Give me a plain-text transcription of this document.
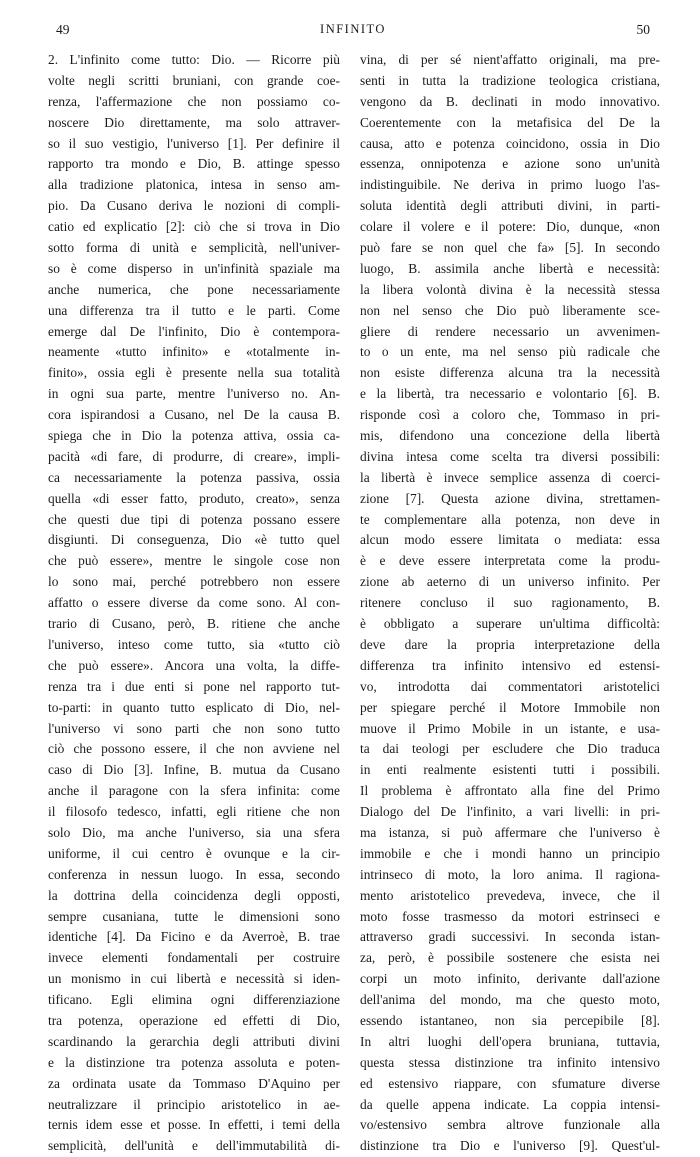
49	INFINITO	50
2. L'infinito come tutto: Dio. — Ricorre più
volte negli scritti bruniani, con grande coe-
renza, l'affermazione che non possiamo co-
noscere Dio direttamente, ma solo attraver-
so il suo vestigio, l'universo [1]. Per definire il
rapporto tra mondo e Dio, B. attinge spesso
alla tradizione platonica, intesa in senso am-
pio. Da Cusano deriva le nozioni di compli-
catio ed explicatio [2]: ciò che si trova in Dio
sotto forma di unità e semplicità, nell'univer-
so è come disperso in un'infinità spaziale ma
anche numerica, che pone necessariamente
una differenza tra il tutto e le parti. Come
emerge dal De l'infinito, Dio è contempora-
neamente «tutto infinito» e «totalmente in-
finito», ossia egli è presente nella sua totalità
in ogni sua parte, mentre l'universo no. An-
cora ispirandosi a Cusano, nel De la causa B.
spiega che in Dio la potenza attiva, ossia ca-
pacità «di fare, di produrre, di creare», impli-
ca necessariamente la potenza passiva, ossia
quella «di esser fatto, produto, creato», senza
che questi due tipi di potenza possano essere
disgiunti. Di conseguenza, Dio «è tutto quel
che può essere», mentre le singole cose non
lo sono mai, perché potrebbero non essere
affatto o essere diverse da come sono. Al con-
trario di Cusano, però, B. ritiene che anche
l'universo, inteso come tutto, sia «tutto ciò
che può essere». Ancora una volta, la diffe-
renza tra i due enti si pone nel rapporto tut-
to-parti: in quanto tutto esplicato di Dio, nel-
l'universo vi sono parti che non sono tutto
ciò che possono essere, il che non avviene nel
caso di Dio [3]. Infine, B. mutua da Cusano
anche il paragone con la sfera infinita: come
il filosofo tedesco, infatti, egli ritiene che non
solo Dio, ma anche l'universo, sia una sfera
uniforme, il cui centro è ovunque e la cir-
conferenza in nessun luogo. In essa, secondo
la dottrina della coincidenza degli opposti,
sempre cusaniana, tutte le dimensioni sono
identiche [4]. Da Ficino e da Averroè, B. trae
invece elementi fondamentali per costruire
un monismo in cui libertà e necessità si iden-
tificano. Egli elimina ogni differenziazione
tra potenza, operazione ed effetti di Dio,
scardinando la gerarchia degli attributi divini
e la distinzione tra potenza assoluta e poten-
za ordinata usate da Tommaso D'Aquino per
neutralizzare il principio aristotelico in ae-
ternis idem esse et posse. In effetti, i temi della
semplicità, dell'unità e dell'immutabilità di-
vina, di per sé nient'affatto originali, ma pre-
senti in tutta la tradizione teologica cristiana,
vengono da B. declinati in modo innovativo.
Coerentemente con la metafisica del De la
causa, atto e potenza coincidono, ossia in Dio
essenza, onnipotenza e azione sono un'unità
indistinguibile. Ne deriva in primo luogo l'as-
soluta identità degli attributi divini, in parti-
colare il volere e il potere: Dio, dunque, «non
può fare se non quel che fa» [5]. In secondo
luogo, B. assimila anche libertà e necessità:
la libera volontà divina è la necessità stessa
non nel senso che Dio può liberamente sce-
gliere di rendere necessario un avvenimen-
to o un ente, ma nel senso più radicale che
non esiste differenza alcuna tra la necessità
e la libertà, tra necessario e volontario [6]. B.
risponde così a coloro che, Tommaso in pri-
mis, difendono una concezione della libertà
divina intesa come scelta tra diversi possibili:
la libertà è invece semplice assenza di coerci-
zione [7]. Questa azione divina, strettamen-
te complementare alla potenza, non deve in
alcun modo essere limitata o mediata: essa
è e deve essere interpretata come la produ-
zione ab aeterno di un universo infinito. Per
ritenere concluso il suo ragionamento, B.
è obbligato a superare un'ultima difficoltà:
deve dare la propria interpretazione della
differenza tra infinito intensivo ed estensi-
vo, introdotta dai commentatori aristotelici
per spiegare perché il Motore Immobile non
muove il Primo Mobile in un istante, e usa-
ta dai teologi per escludere che Dio traduca
in enti realmente esistenti tutti i possibili.
Il problema è affrontato alla fine del Primo
Dialogo del De l'infinito, a vari livelli: in pri-
ma istanza, si può affermare che l'universo è
immobile e che i mondi hanno un principio
intrinseco di moto, la loro anima. Il ragiona-
mento aristotelico prevedeva, invece, che il
moto fosse trasmesso da motori estrinseci e
attraverso gradi successivi. In seconda istan-
za, però, è possibile sostenere che esista nei
corpi un moto infinito, derivante dall'azione
dell'anima del mondo, ma che questo moto,
essendo istantaneo, non sia percepibile [8].
In altri luoghi dell'opera bruniana, tuttavia,
questa stessa distinzione tra infinito intensivo
ed estensivo riappare, con sfumature diverse
da quelle appena indicate. La coppia intensi-
vo/estensivo sembra altrove funzionale alla
distinzione tra Dio e l'universo [9]. Quest'ul-
